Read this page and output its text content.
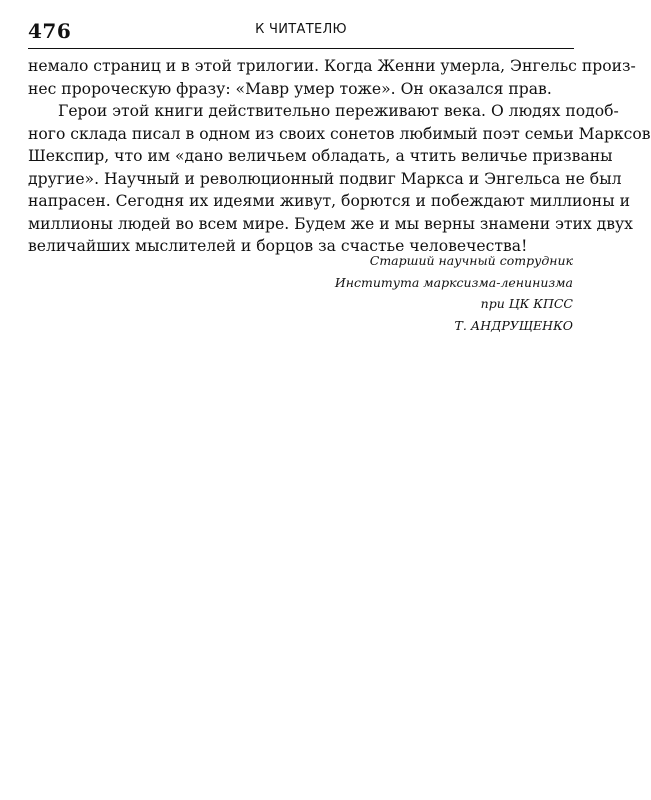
476	К ЧИТАТЕЛЮ
немало страниц и в этой трилогии. Когда Женни умерла, Энгельс произ-
нес пророческую фразу: «Мавр умер тоже». Он оказался прав.
Герои этой книги действительно переживают века. О людях подоб-
ного склада писал в одном из своих сонетов любимый поэт семьи Марксов
Шекспир, что им «дано величьем обладать, а чтить величье призваны
другие». Научный и революционный подвиг Маркса и Энгельса не был
напрасен. Сегодня их идеями живут, борются и побеждают миллионы и
миллионы людей во всем мире. Будем же и мы верны знамени этих двух
величайших мыслителей и борцов за счастье человечества!
Старший научный сотрудник
Института марксизма-ленинизма
при ЦК КПСС
Т. АНДРУЩЕНКО
